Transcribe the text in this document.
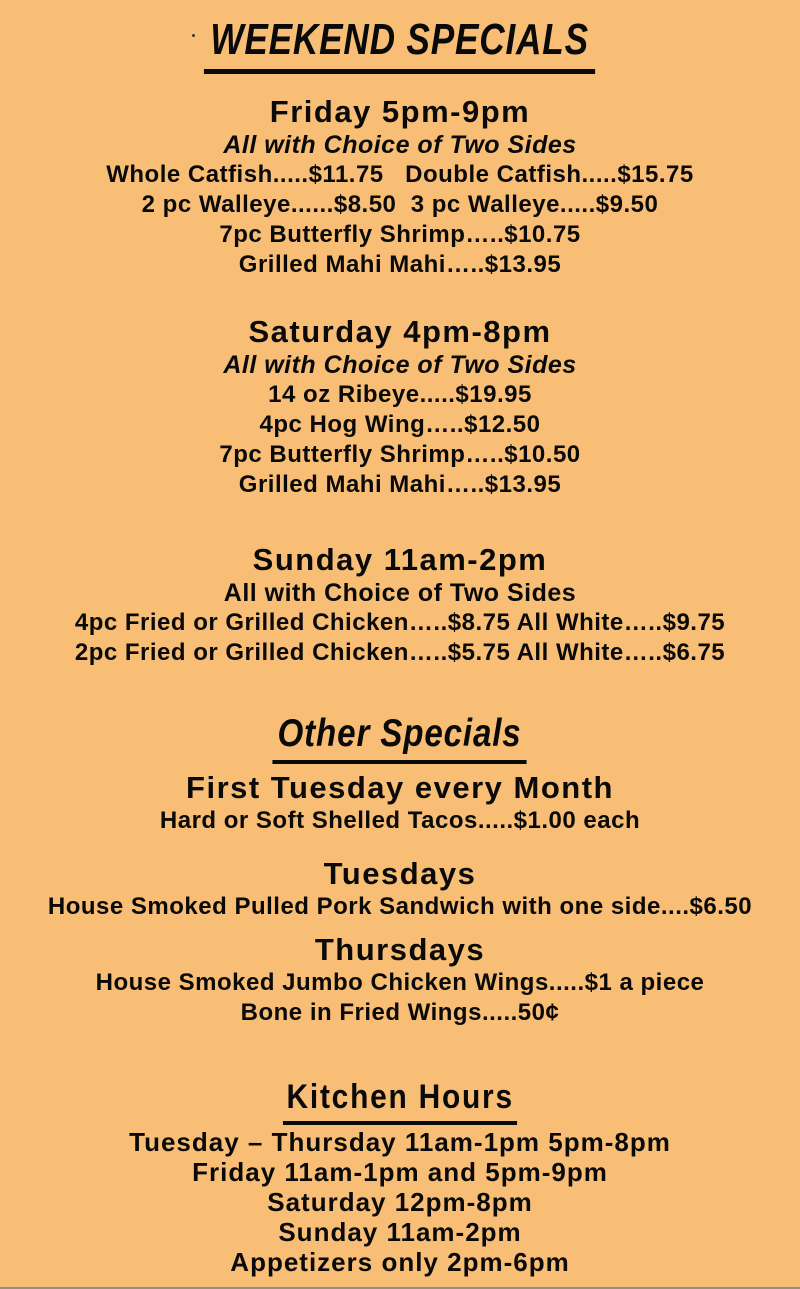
WEEKEND SPECIALS

Friday 5pm-9pm

All with Choice of Two Sides

Whole Catfish.....$11.75   Double Catfish.....$15.75

2 pc Walleye......$8.50  3 pc Walleye.....$9.50

7pc Butterfly Shrimp…..$10.75

Grilled Mahi Mahi…..$13.95

Saturday 4pm-8pm

All with Choice of Two Sides

14 oz Ribeye.....$19.95

4pc Hog Wing…..$12.50

7pc Butterfly Shrimp…..$10.50

Grilled Mahi Mahi…..$13.95

Sunday 11am-2pm

All with Choice of Two Sides

4pc Fried or Grilled Chicken…..$8.75 All White…..$9.75

2pc Fried or Grilled Chicken…..$5.75 All White…..$6.75

Other Specials

First Tuesday every Month

Hard or Soft Shelled Tacos.....$1.00 each

Tuesdays

House Smoked Pulled Pork Sandwich with one side....$6.50

Thursdays

House Smoked Jumbo Chicken Wings.....$1 a piece

Bone in Fried Wings.....50¢

Kitchen Hours

Tuesday – Thursday 11am-1pm 5pm-8pm

Friday 11am-1pm and 5pm-9pm

Saturday 12pm-8pm

Sunday 11am-2pm

Appetizers only 2pm-6pm
